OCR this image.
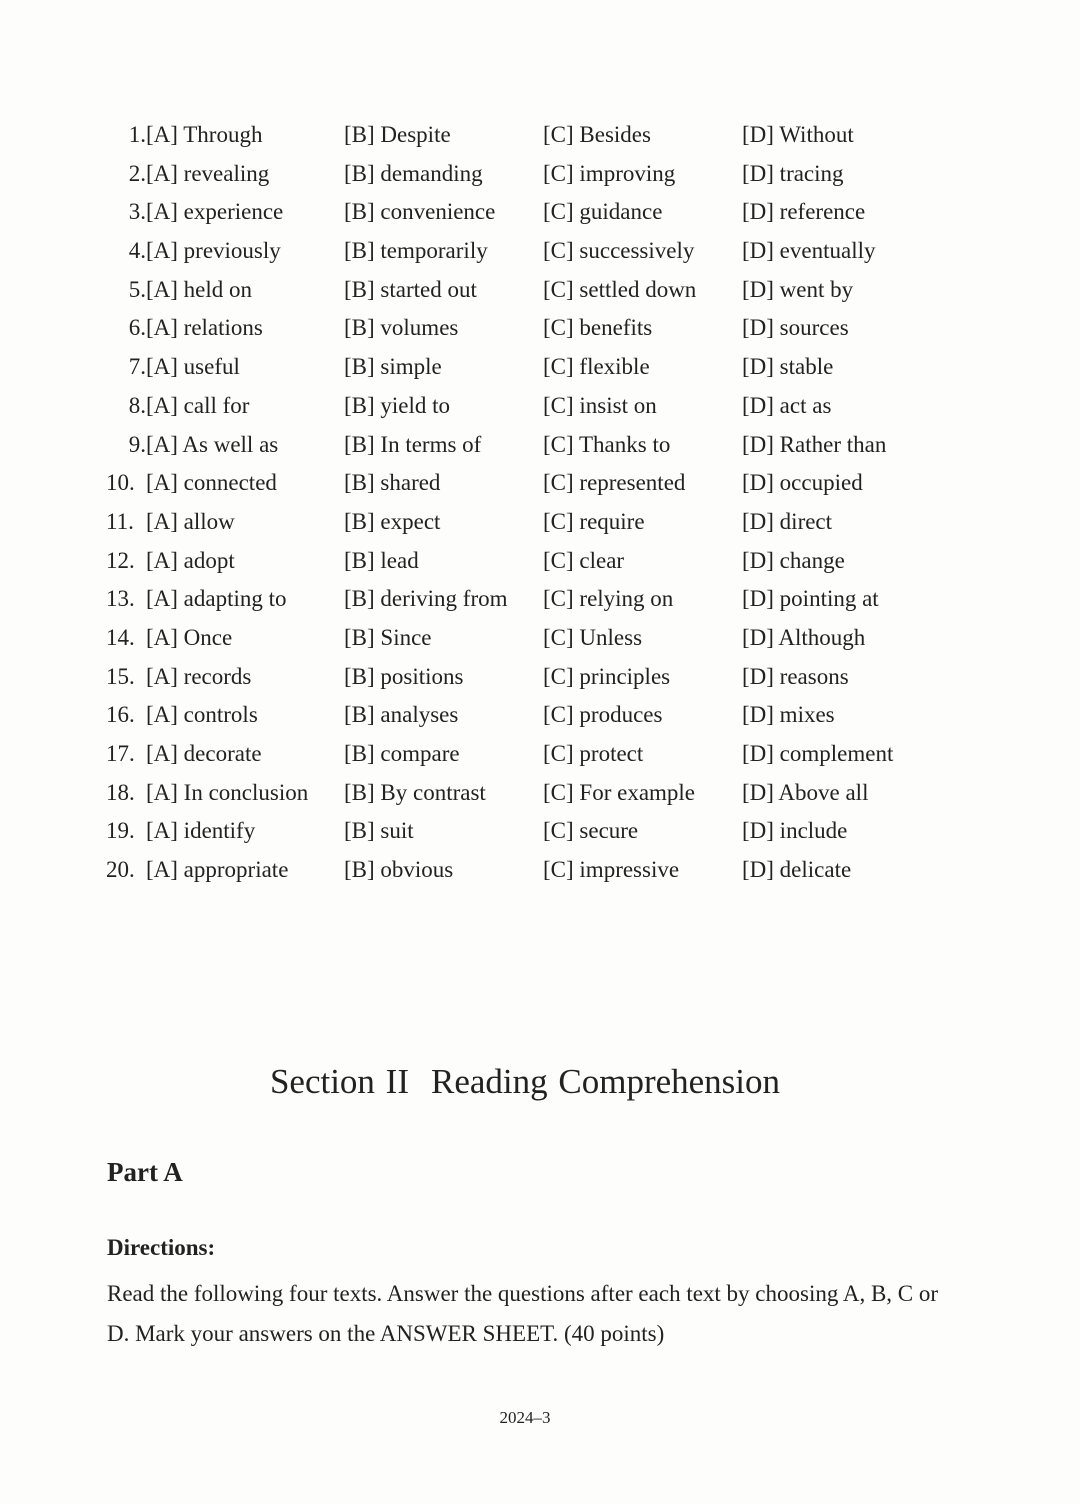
1. [A] Through	[B] Despite	[C] Besides	[D] Without
2. [A] revealing	[B] demanding	[C] improving	[D] tracing
3. [A] experience	[B] convenience [C] guidance	[D] reference
4. [A] previously	[B] temporarily [C] successively [D] eventually
5. [A] held on	[B] started out	[C] settled down [D] went by
6. [A] relations	[B] volumes	[C] benefits	[D] sources
7. [A] useful	[B] simple	[C] flexible	[D] stable
8. [A] call for	[B] yield to	[C] insist on	[D] act as
9. [A] As well as	[B] In terms of	[C] Thanks to	[D] Rather than
10. [A] connected	[B] shared	[C] represented [D] occupied
11. [A] allow	[B] expect	[C] require	[D] direct
12. [A] adopt	[B] lead	[C] clear	[D] change
13. [A] adapting to [B] deriving from [C] relying on	[D] pointing at
14. [A] Once	[B] Since	[C] Unless	[D] Although
15. [A] records	[B] positions	[C] principles	[D] reasons
16. [A] controls	[B] analyses	[C] produces	[D] mixes
17. [A] decorate	[B] compare	[C] protect	[D] complement
18. [A] In conclusion [B] By contrast [C] For example [D] Above all
19. [A] identify	[B] suit	[C] secure	[D] include
20. [A] appropriate [B] obvious	[C] impressive	[D] delicate
Section II Reading Comprehension
Part A
Directions:
Read the following four texts. Answer the questions after each text by choosing A, B, C or D. Mark your answers on the ANSWER SHEET. (40 points)
2024–3
